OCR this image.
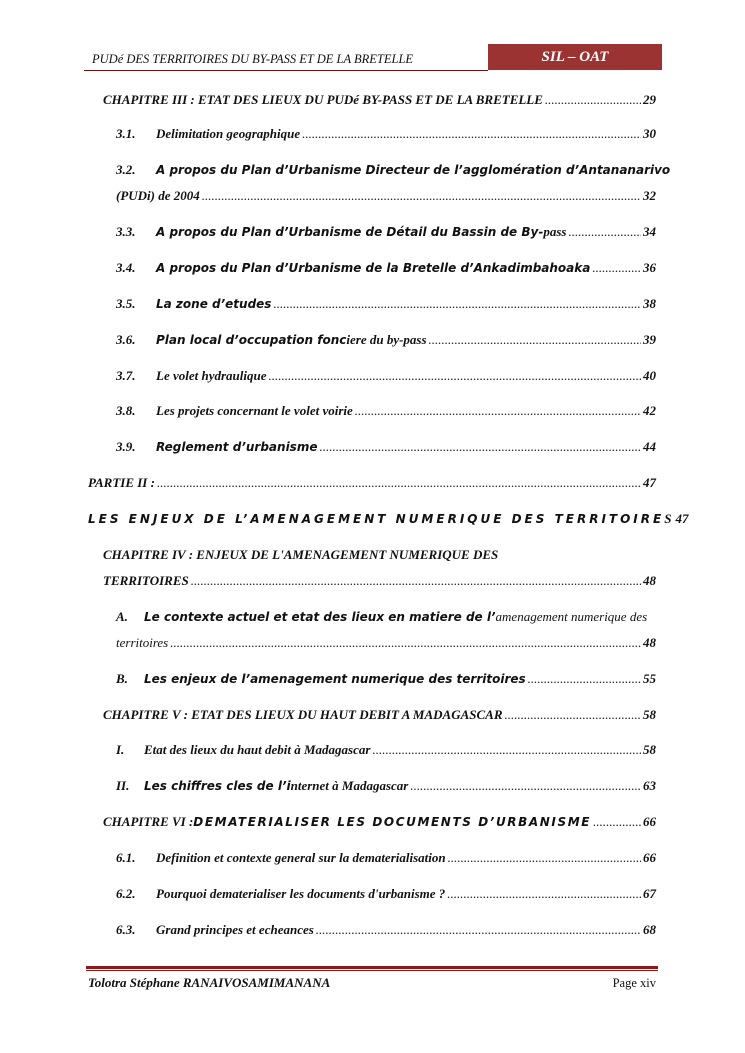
PUDé DES TERRITOIRES DU BY-PASS ET DE LA BRETELLE	SIL – OAT
CHAPITRE III : ETAT DES LIEUX DU PUDé BY-PASS ET DE LA BRETELLE .....	29
3.1.	Delimitation geographique .....	30
3.2.	A propos du Plan d’Urbanisme Directeur de l’agglomération d’Antananarivo
(PUDi) de 2004 .....	32
3.3.	A propos du Plan d’Urbanisme de Détail du Bassin de By- pass .....	34
3.4.	A propos du Plan d’Urbanisme de la Bretelle d’Ankadimbahoaka .....	36
3.5.	La zone d’etudes .....	38
3.6.	Plan local d’occupation fonc iere du by-pass .....	39
3.7.	Le volet hydraulique .....	40
3.8.	Les projets concernant le volet voirie .....	42
3.9.	Reglement d’urbanisme .....	44
PARTIE II : .....	47
LES ENJEUX DE L’AMENAGEMENT NUMERIQUE DES TERRITOIRE S 47
CHAPITRE IV : ENJEUX DE L'AMENAGEMENT NUMERIQUE DES
TERRITOIRES .....	48
A.	Le contexte actuel et etat des lieux en matiere de l’ amenagement numerique des
territoires .....	48
B.	Les enjeux de l’amenagement numerique des territoires .....	55
CHAPITRE V : ETAT DES LIEUX DU HAUT DEBIT A MADAGASCAR .....	58
I.	Etat des lieux du haut debit à Madagascar .....	58
II.	Les chiffres cles de l’i nternet à Madagascar .....	63
CHAPITRE VI : DEMATERIALISER LES DOCUMENTS D’URBANISME .....	66
6.1.	Definition et contexte general sur la dematerialisation .....	66
6.2.	Pourquoi dematerialiser les documents d'urbanisme ? .....	67
6.3.	Grand principes et echeances .....	68
Tolotra Stéphane RANAIVOSAMIMANANA	Page xiv
